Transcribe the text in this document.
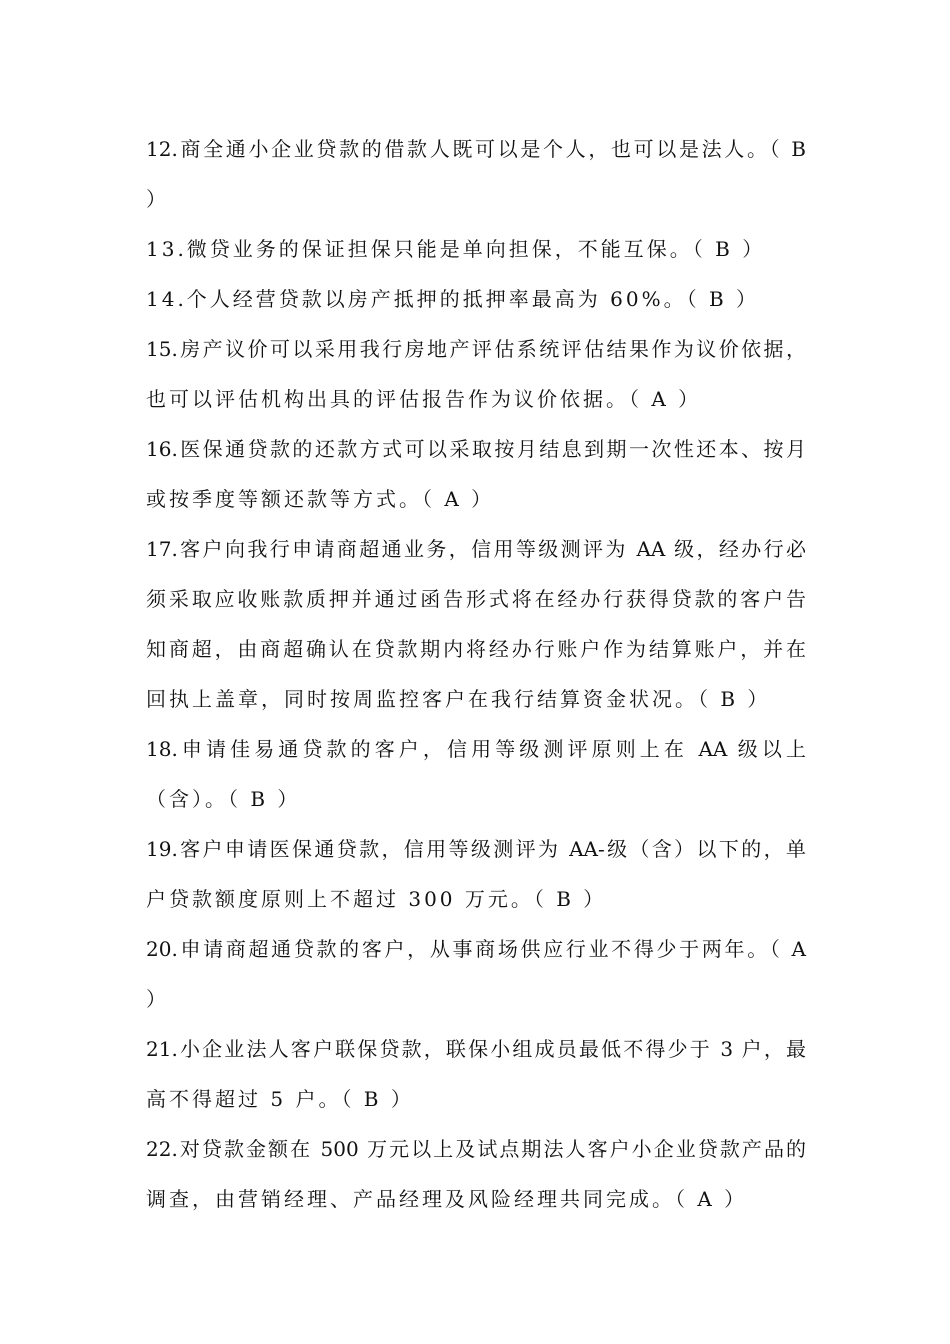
12.商全通小企业贷款的借款人既可以是个人，也可以是法人。（ B
）
13.微贷业务的保证担保只能是单向担保，不能互保。（ B ）
14.个人经营贷款以房产抵押的抵押率最高为 60%。（ B ）
15.房产议价可以采用我行房地产评估系统评估结果作为议价依据，
也可以评估机构出具的评估报告作为议价依据。（ A ）
16.医保通贷款的还款方式可以采取按月结息到期一次性还本、按月
或按季度等额还款等方式。（ A ）
17.客户向我行申请商超通业务，信用等级测评为 AA 级，经办行必
须采取应收账款质押并通过函告形式将在经办行获得贷款的客户告
知商超，由商超确认在贷款期内将经办行账户作为结算账户，并在
回执上盖章，同时按周监控客户在我行结算资金状况。（ B ）
18.申请佳易通贷款的客户，信用等级测评原则上在 AA 级以上
（含）。（ B ）
19.客户申请医保通贷款，信用等级测评为 AA-级（含）以下的，单
户贷款额度原则上不超过 300 万元。（ B ）
20.申请商超通贷款的客户，从事商场供应行业不得少于两年。（ A
）
21.小企业法人客户联保贷款，联保小组成员最低不得少于 3 户，最
高不得超过 5 户。（ B ）
22.对贷款金额在 500 万元以上及试点期法人客户小企业贷款产品的
调查，由营销经理、产品经理及风险经理共同完成。（ A ）
